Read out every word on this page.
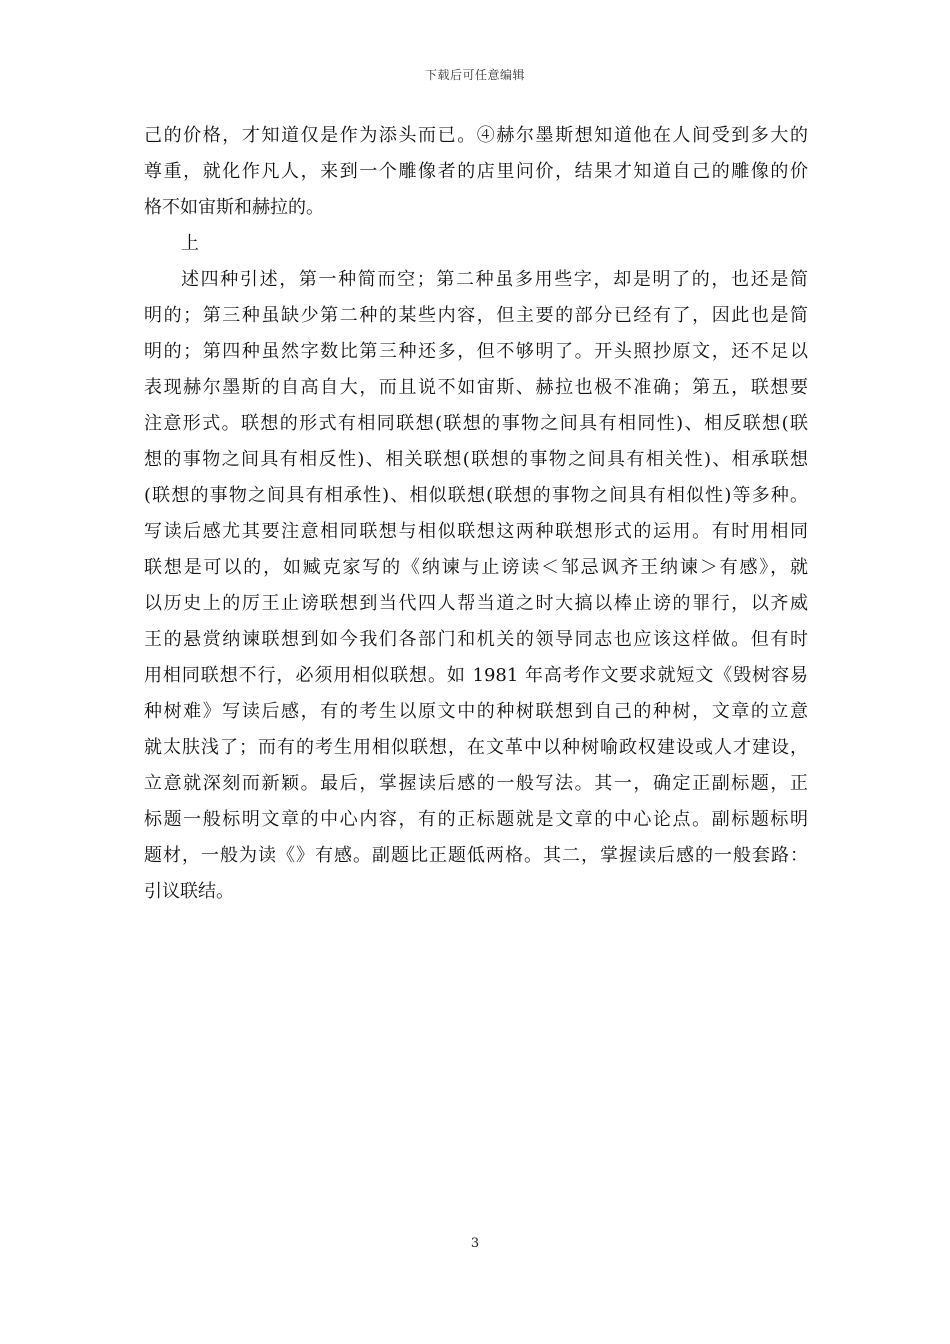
下载后可任意编辑
己的价格，才知道仅是作为添头而已。④赫尔墨斯想知道他在人间受到多大的
尊重，就化作凡人，来到一个雕像者的店里问价，结果才知道自己的雕像的价
格不如宙斯和赫拉的。
上
述四种引述，第一种简而空；第二种虽多用些字，却是明了的，也还是简
明的；第三种虽缺少第二种的某些内容，但主要的部分已经有了，因此也是简
明的；第四种虽然字数比第三种还多，但不够明了。开头照抄原文，还不足以
表现赫尔墨斯的自高自大，而且说不如宙斯、赫拉也极不准确；第五，联想要
注意形式。联想的形式有相同联想(联想的事物之间具有相同性)、相反联想(联
想的事物之间具有相反性)、相关联想(联想的事物之间具有相关性)、相承联想
(联想的事物之间具有相承性)、相似联想(联想的事物之间具有相似性)等多种。
写读后感尤其要注意相同联想与相似联想这两种联想形式的运用。有时用相同
联想是可以的，如臧克家写的《纳谏与止谤读＜邹忌讽齐王纳谏＞有感》，就
以历史上的厉王止谤联想到当代四人帮当道之时大搞以棒止谤的罪行，以齐威
王的悬赏纳谏联想到如今我们各部门和机关的领导同志也应该这样做。但有时
用相同联想不行，必须用相似联想。如 1981 年高考作文要求就短文《毁树容易
种树难》写读后感，有的考生以原文中的种树联想到自己的种树，文章的立意
就太肤浅了；而有的考生用相似联想，在文革中以种树喻政权建设或人才建设，
立意就深刻而新颖。最后，掌握读后感的一般写法。其一，确定正副标题，正
标题一般标明文章的中心内容，有的正标题就是文章的中心论点。副标题标明
题材，一般为读《》有感。副题比正题低两格。其二，掌握读后感的一般套路：
引议联结。
3
